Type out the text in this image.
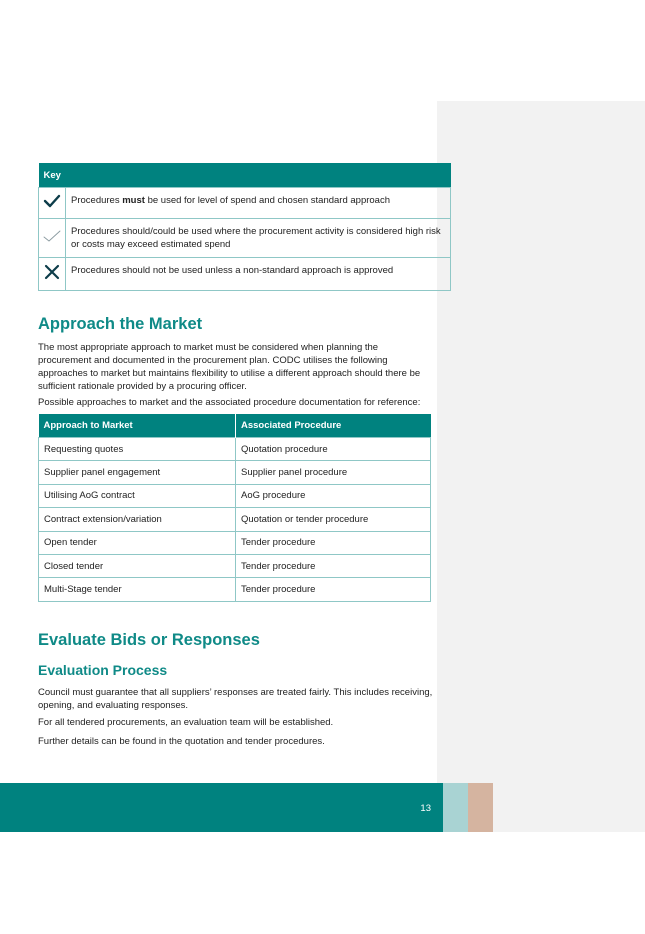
Key	
	Procedures must be used for level of spend and chosen standard approach
	Procedures should/could be used where the procurement activity is considered high risk or costs may exceed estimated spend
	Procedures should not be used unless a non-standard approach is approved
Approach the Market

The most appropriate approach to market must be considered when planning the procurement and documented in the procurement plan. CODC utilises the following approaches to market but maintains flexibility to utilise a different approach should there be sufficient rationale provided by a procuring officer.

Possible approaches to market and the associated procedure documentation for reference:

Approach to Market	Associated Procedure
Requesting quotes	Quotation procedure
Supplier panel engagement	Supplier panel procedure
Utilising AoG contract	AoG procedure
Contract extension/variation	Quotation or tender procedure
Open tender	Tender procedure
Closed tender	Tender procedure
Multi-Stage tender	Tender procedure
Evaluate Bids or Responses
Evaluation Process

Council must guarantee that all suppliers’ responses are treated fairly. This includes receiving, opening, and evaluating responses.

For all tendered procurements, an evaluation team will be established.

Further details can be found in the quotation and tender procedures.

13
